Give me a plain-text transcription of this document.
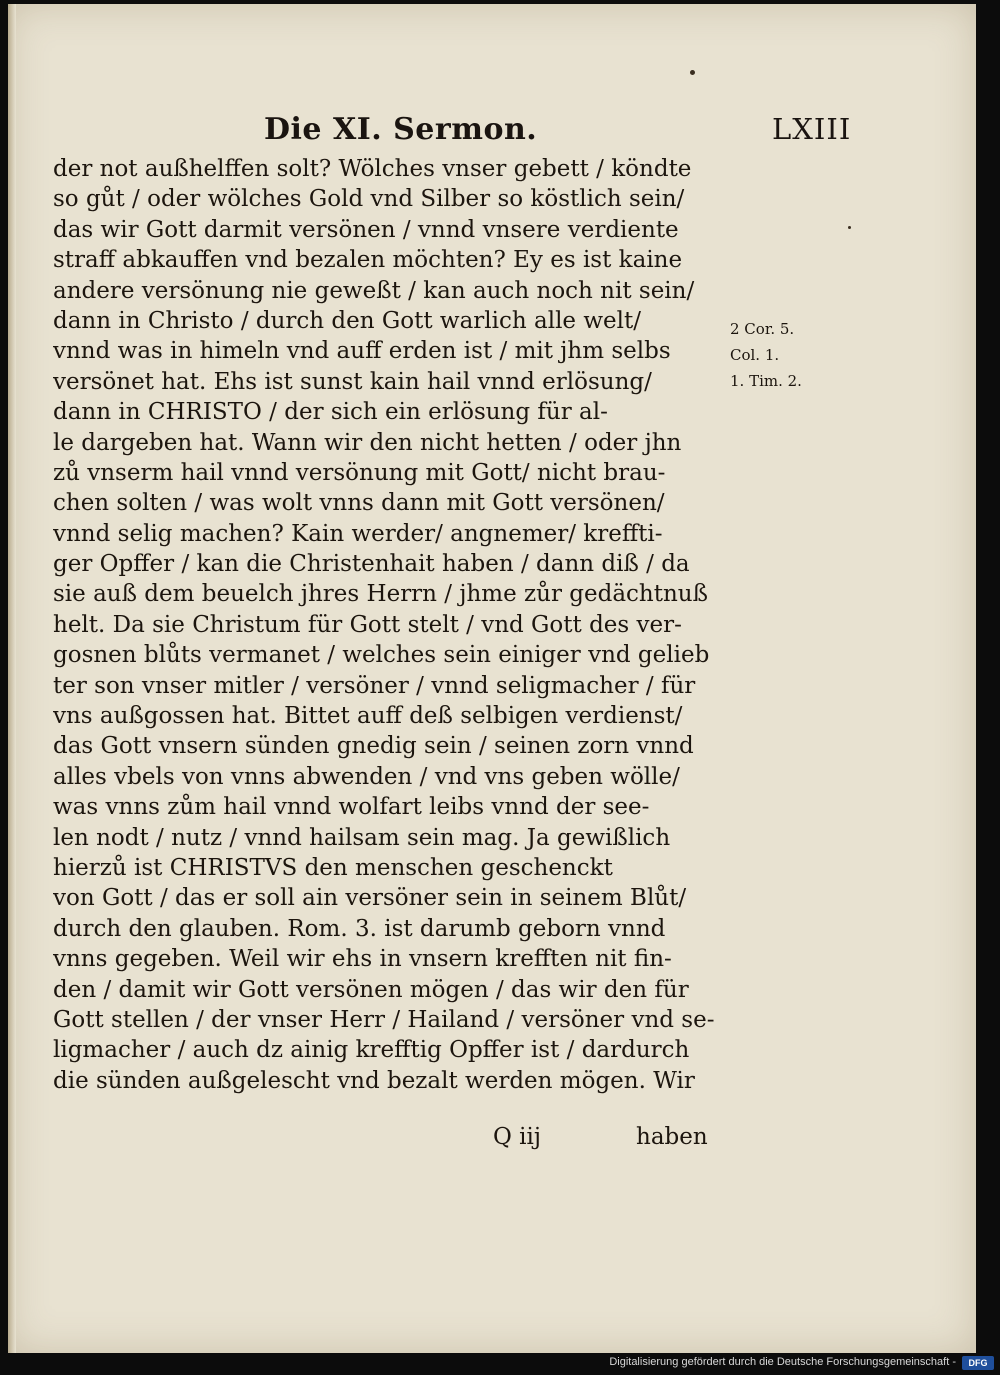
Die XI. Sermon.	LXIII
der not außhelffen solt? Wölches vnser gebett / köndte
so gůt / oder wölches Gold vnd Silber so köstlich sein/
das wir Gott darmit versönen / vnnd vnsere verdiente
straff abkauffen vnd bezalen möchten? Ey es ist kaine
andere versönung nie geweßt / kan auch noch nit sein/
dann in Christo / durch den Gott warlich alle welt/
vnnd was in himeln vnd auff erden ist / mit jhm selbs
versönet hat. Ehs ist sunst kain hail vnnd erlösung/
dann in CHRISTO / der sich ein erlösung für al-
le dargeben hat. Wann wir den nicht hetten / oder jhn
zů vnserm hail vnnd versönung mit Gott/ nicht brau-
chen solten / was wolt vnns dann mit Gott versönen/
vnnd selig machen? Kain werder/ angnemer/ kreffti-
ger Opffer / kan die Christenhait haben / dann diß / da
sie auß dem beuelch jhres Herrn / jhme zůr gedächtnuß
helt. Da sie Christum für Gott stelt / vnd Gott des ver-
gosnen blůts vermanet / welches sein einiger vnd gelieb
ter son vnser mitler / versöner / vnnd seligmacher / für
vns außgossen hat. Bittet auff deß selbigen verdienst/
das Gott vnsern sünden gnedig sein / seinen zorn vnnd
alles vbels von vnns abwenden / vnd vns geben wölle/
was vnns zům hail vnnd wolfart leibs vnnd der see-
len nodt / nutz / vnnd hailsam sein mag. Ja gewißlich
hierzů ist CHRISTVS den menschen geschenckt
von Gott / das er soll ain versöner sein in seinem Blůt/
durch den glauben. Rom. 3. ist darumb geborn vnnd
vnns gegeben. Weil wir ehs in vnsern krefften nit fin-
den / damit wir Gott versönen mögen / das wir den für
Gott stellen / der vnser Herr / Hailand / versöner vnd se-
ligmacher / auch dz ainig krefftig Opffer ist / dardurch
die sünden außgelescht vnd bezalt werden mögen. Wir
Q iij	haben
2 Cor. 5.
Col. 1.
1. Tim. 2.
Digitalisierung gefördert durch die Deutsche Forschungsgemeinschaft -	DFG
